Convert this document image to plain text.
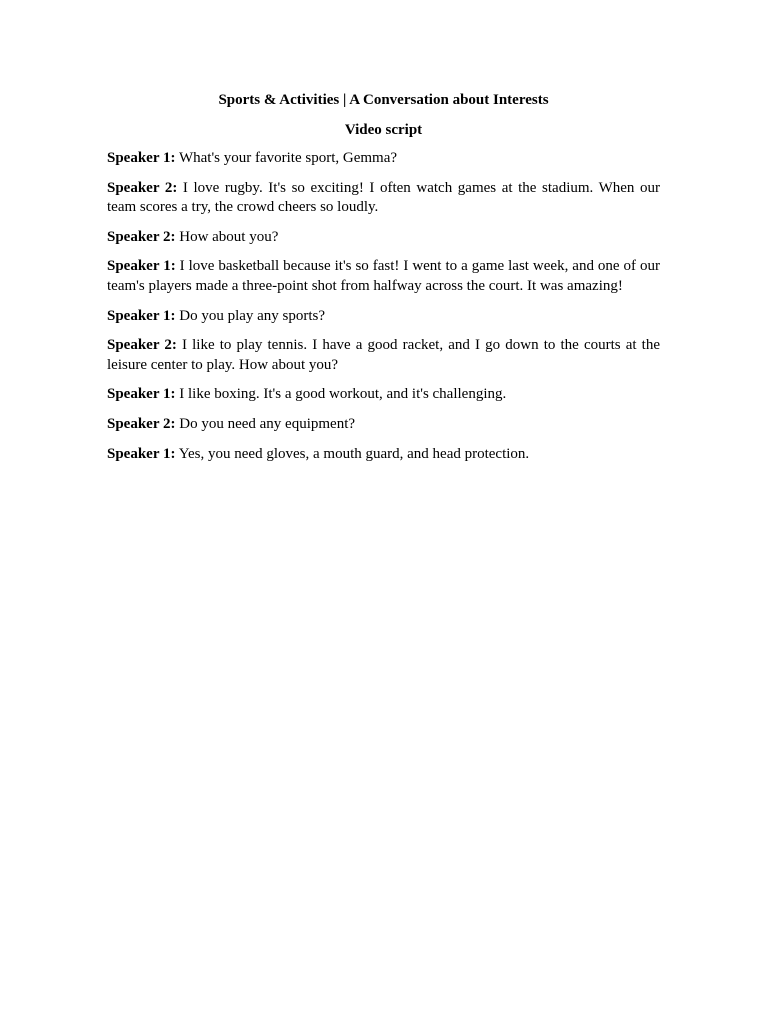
Sports & Activities | A Conversation about Interests
Video script
Speaker 1: What's your favorite sport, Gemma?
Speaker 2: I love rugby. It's so exciting! I often watch games at the stadium. When our team scores a try, the crowd cheers so loudly.
Speaker 2: How about you?
Speaker 1: I love basketball because it's so fast! I went to a game last week, and one of our team's players made a three-point shot from halfway across the court. It was amazing!
Speaker 1: Do you play any sports?
Speaker 2: I like to play tennis. I have a good racket, and I go down to the courts at the leisure center to play. How about you?
Speaker 1: I like boxing. It's a good workout, and it's challenging.
Speaker 2: Do you need any equipment?
Speaker 1: Yes, you need gloves, a mouth guard, and head protection.
